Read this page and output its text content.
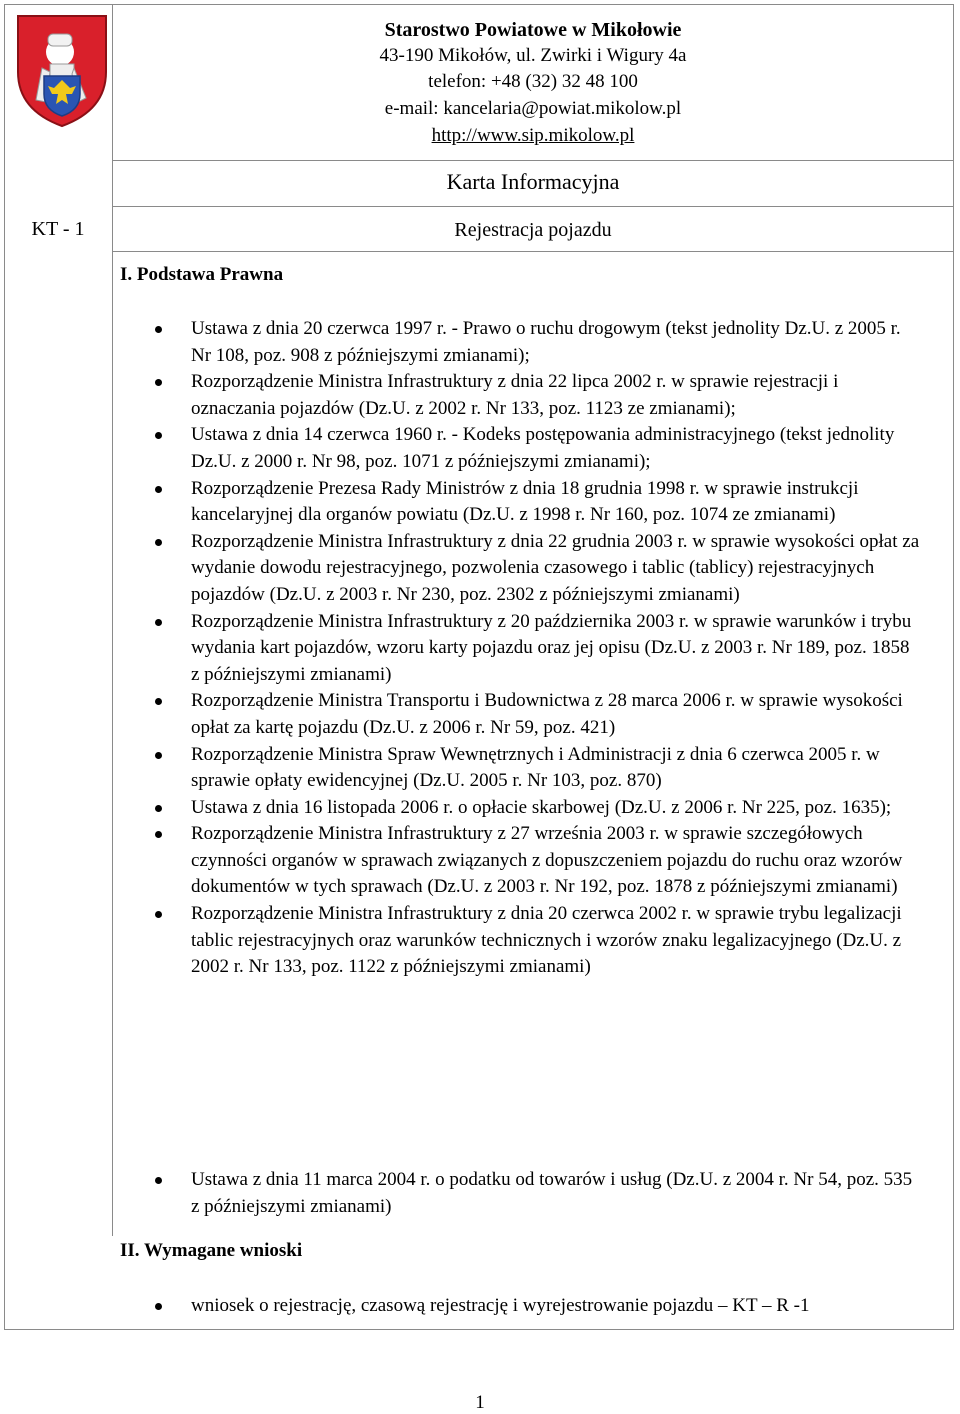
Starostwo Powiatowe w Mikołowie
43-190 Mikołów, ul. Zwirki i Wigury 4a
telefon: +48 (32) 32 48 100
e-mail: kancelaria@powiat.mikolow.pl
http://www.sip.mikolow.pl
Karta Informacyjna
KT - 1	Rejestracja pojazdu
I. Podstawa Prawna
Ustawa z dnia 20 czerwca 1997 r. - Prawo o ruchu drogowym (tekst jednolity Dz.U. z 2005 r. Nr 108, poz. 908 z późniejszymi zmianami);
Rozporządzenie Ministra Infrastruktury z dnia 22 lipca 2002 r. w sprawie rejestracji i oznaczania pojazdów (Dz.U. z 2002 r. Nr 133, poz. 1123 ze zmianami);
Ustawa z dnia 14 czerwca 1960 r. - Kodeks postępowania administracyjnego (tekst jednolity Dz.U. z 2000 r. Nr 98, poz. 1071 z późniejszymi zmianami);
Rozporządzenie Prezesa Rady Ministrów z dnia 18 grudnia 1998 r. w sprawie instrukcji kancelaryjnej dla organów powiatu (Dz.U. z 1998 r. Nr 160, poz. 1074 ze zmianami)
Rozporządzenie Ministra Infrastruktury z dnia 22 grudnia 2003 r. w sprawie wysokości opłat za wydanie dowodu rejestracyjnego, pozwolenia czasowego i tablic (tablicy) rejestracyjnych pojazdów (Dz.U. z 2003 r. Nr 230, poz. 2302 z późniejszymi zmianami)
Rozporządzenie Ministra Infrastruktury z 20 października 2003 r. w sprawie warunków i trybu wydania kart pojazdów, wzoru karty pojazdu oraz jej opisu (Dz.U. z 2003 r. Nr 189, poz. 1858 z późniejszymi zmianami)
Rozporządzenie Ministra Transportu i Budownictwa z 28 marca 2006 r. w sprawie wysokości opłat za kartę pojazdu (Dz.U. z 2006 r. Nr 59, poz. 421)
Rozporządzenie Ministra Spraw Wewnętrznych i Administracji z dnia 6 czerwca 2005 r. w sprawie opłaty ewidencyjnej (Dz.U. 2005 r. Nr 103, poz. 870)
Ustawa z dnia 16 listopada 2006 r. o opłacie skarbowej (Dz.U. z 2006 r. Nr 225, poz. 1635);
Rozporządzenie Ministra Infrastruktury z 27 września 2003 r. w sprawie szczegółowych czynności organów w sprawach związanych z dopuszczeniem pojazdu do ruchu oraz wzorów dokumentów w tych sprawach (Dz.U. z 2003 r. Nr 192, poz. 1878 z późniejszymi zmianami)
Rozporządzenie Ministra Infrastruktury z dnia 20 czerwca 2002 r. w sprawie trybu legalizacji tablic rejestracyjnych oraz warunków technicznych i wzorów znaku legalizacyjnego (Dz.U. z 2002 r. Nr 133, poz. 1122 z późniejszymi zmianami)
Ustawa z dnia 11 marca 2004 r. o podatku od towarów i usług (Dz.U. z 2004 r. Nr 54, poz. 535 z późniejszymi zmianami)
II. Wymagane wnioski
wniosek o rejestrację, czasową rejestrację i wyrejestrowanie pojazdu – KT – R -1
1
